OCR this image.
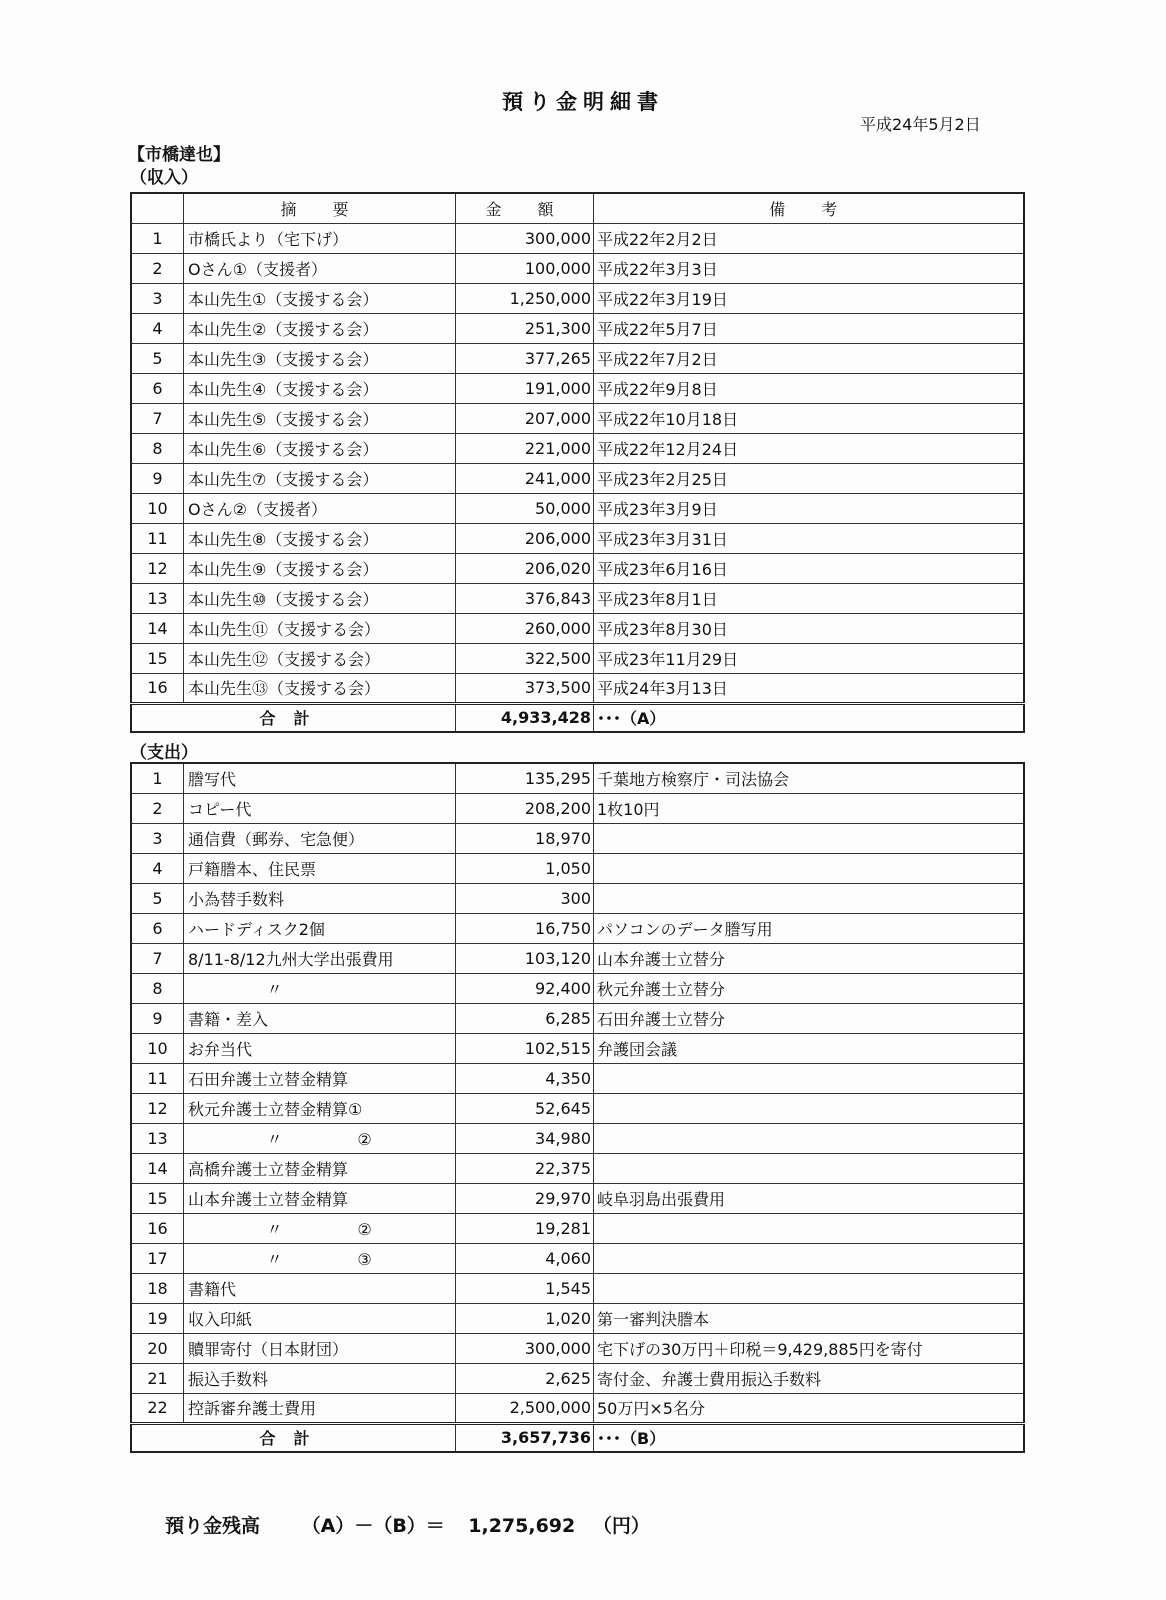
預り金明細書
平成24年5月2日
【市橋達也】
（収入）
	摘　要	金　額	備　考
1	市橋氏より（宅下げ）	300,000	平成22年2月2日
2	Oさん①（支援者）	100,000	平成22年3月3日
3	本山先生①（支援する会）	1,250,000	平成22年3月19日
4	本山先生②（支援する会）	251,300	平成22年5月7日
5	本山先生③（支援する会）	377,265	平成22年7月2日
6	本山先生④（支援する会）	191,000	平成22年9月8日
7	本山先生⑤（支援する会）	207,000	平成22年10月18日
8	本山先生⑥（支援する会）	221,000	平成22年12月24日
9	本山先生⑦（支援する会）	241,000	平成23年2月25日
10	Oさん②（支援者）	50,000	平成23年3月9日
11	本山先生⑧（支援する会）	206,000	平成23年3月31日
12	本山先生⑨（支援する会）	206,020	平成23年6月16日
13	本山先生⑩（支援する会）	376,843	平成23年8月1日
14	本山先生⑪（支援する会）	260,000	平成23年8月30日
15	本山先生⑫（支援する会）	322,500	平成23年11月29日
16	本山先生⑬（支援する会）	373,500	平成24年3月13日
合計		4,933,428	･･･（A）
（支出）
1	謄写代	135,295	千葉地方検察庁・司法協会
2	コピー代	208,200	1枚10円
3	通信費（郵券、宅急便）	18,970	
4	戸籍謄本、住民票	1,050	
5	小為替手数料	300	
6	ハードディスク2個	16,750	パソコンのデータ謄写用
7	8/11-8/12九州大学出張費用	103,120	山本弁護士立替分
8	〃	92,400	秋元弁護士立替分
9	書籍・差入	6,285	石田弁護士立替分
10	お弁当代	102,515	弁護団会議
11	石田弁護士立替金精算	4,350	
12	秋元弁護士立替金精算①	52,645	
13	〃 ②	34,980	
14	高橋弁護士立替金精算	22,375	
15	山本弁護士立替金精算	29,970	岐阜羽島出張費用
16	〃 ②	19,281	
17	〃 ③	4,060	
18	書籍代	1,545	
19	収入印紙	1,020	第一審判決謄本
20	贖罪寄付（日本財団）	300,000	宅下げの30万円＋印税＝9,429,885円を寄付
21	振込手数料	2,625	寄付金、弁護士費用振込手数料
22	控訴審弁護士費用	2,500,000	50万円×5名分
合計		3,657,736	･･･（B）
預り金残高 （A）－（B）＝ 1,275,692 （円）
